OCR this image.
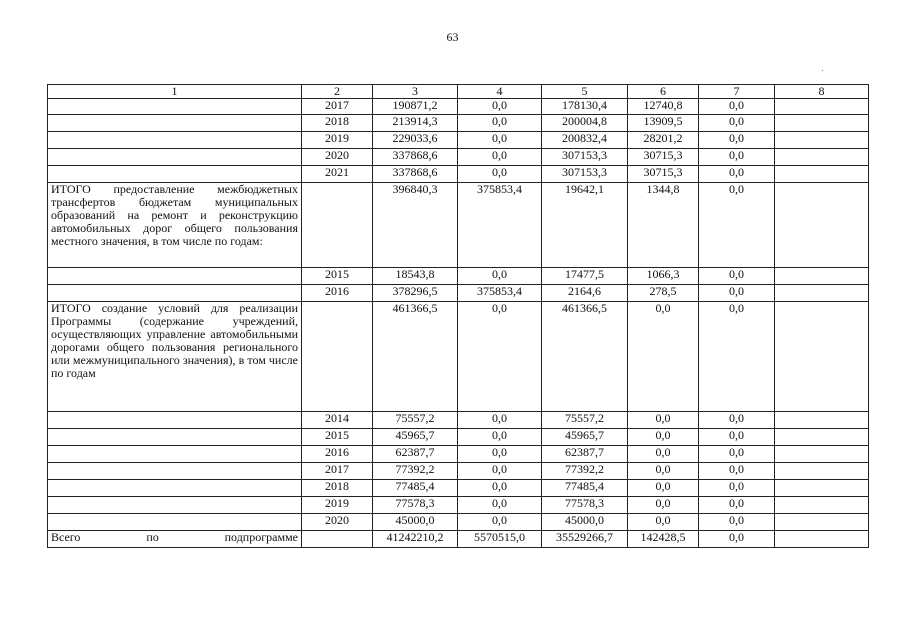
63
1	2	3	4	5	6	7	8
	2017	190871,2	0,0	178130,4	12740,8	0,0	
	2018	213914,3	0,0	200004,8	13909,5	0,0	
	2019	229033,6	0,0	200832,4	28201,2	0,0	
	2020	337868,6	0,0	307153,3	30715,3	0,0	
	2021	337868,6	0,0	307153,3	30715,3	0,0	
ИТОГО предоставление межбюджетных трансфертов бюджетам муниципальных образований на ремонт и реконструкцию автомобильных дорог общего пользования местного значения, в том числе по годам:		396840,3	375853,4	19642,1	1344,8	0,0	
	2015	18543,8	0,0	17477,5	1066,3	0,0	
	2016	378296,5	375853,4	2164,6	278,5	0,0	
ИТОГО создание условий для реализации Программы (содержание учреждений, осуществляющих управление автомобильными дорогами общего пользования регионального или межмуниципального значения), в том числе по годам		461366,5	0,0	461366,5	0,0	0,0	
	2014	75557,2	0,0	75557,2	0,0	0,0	
	2015	45965,7	0,0	45965,7	0,0	0,0	
	2016	62387,7	0,0	62387,7	0,0	0,0	
	2017	77392,2	0,0	77392,2	0,0	0,0	
	2018	77485,4	0,0	77485,4	0,0	0,0	
	2019	77578,3	0,0	77578,3	0,0	0,0	
	2020	45000,0	0,0	45000,0	0,0	0,0	
Всего по подпрограмме		41242210,2	5570515,0	35529266,7	142428,5	0,0	
